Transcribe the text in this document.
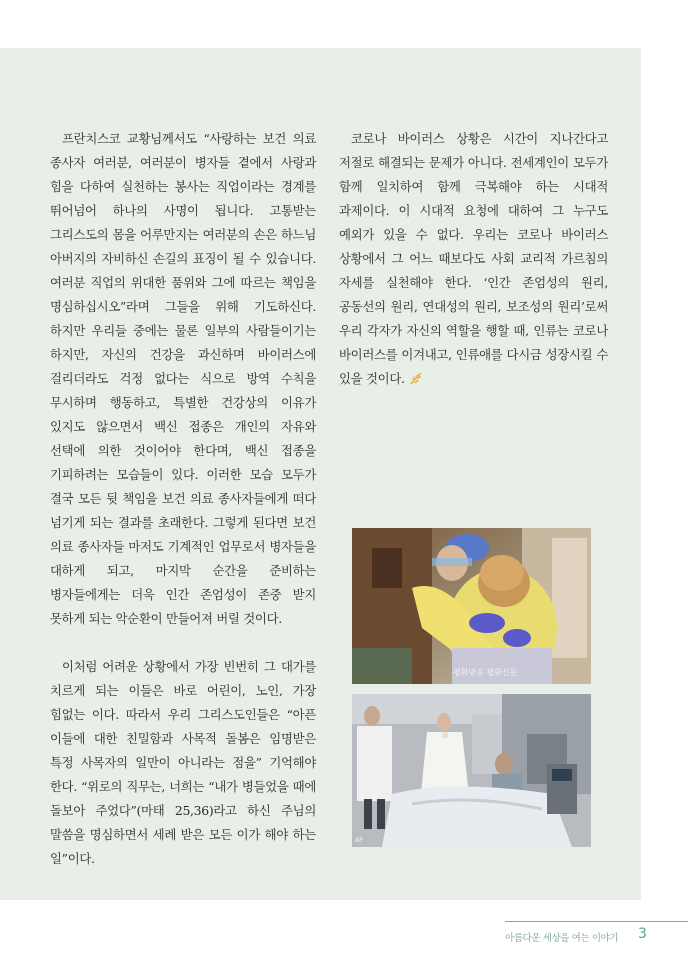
프란치스코 교황님께서도 “사랑하는 보건 의료 종사자 여러분, 여러분이 병자들 곁에서 사랑과 힘을 다하여 실천하는 봉사는 직업이라는 경계를 뛰어넘어 하나의 사명이 됩니다. 고통받는 그리스도의 몸을 어루만지는 여러분의 손은 하느님 아버지의 자비하신 손길의 표징이 될 수 있습니다. 여러분 직업의 위대한 품위와 그에 따르는 책임을 명심하십시오”라며 그들을 위해 기도하신다. 하지만 우리들 중에는 물론 일부의 사람들이기는 하지만, 자신의 건강을 과신하며 바이러스에 걸리더라도 걱정 없다는 식으로 방역 수칙을 무시하며 행동하고, 특별한 건강상의 이유가 있지도 않으면서 백신 접종은 개인의 자유와 선택에 의한 것이어야 한다며, 백신 접종을 기피하려는 모습들이 있다. 이러한 모습 모두가 결국 모든 뒷 책임을 보건 의료 종사자들에게 떠다 넘기게 되는 결과를 초래한다. 그렇게 된다면 보건 의료 종사자들 마저도 기계적인 업무로서 병자들을 대하게 되고, 마지막 순간을 준비하는 병자들에게는 더욱 인간 존엄성이 존중 받지 못하게 되는 악순환이 만들어져 버릴 것이다.

이처럼 어려운 상황에서 가장 빈번히 그 대가를 치르게 되는 이들은 바로 어린이, 노인, 가장 힘없는 이다. 따라서 우리 그리스도인들은 “아픈 이들에 대한 친밀함과 사목적 돌봄은 임명받은 특정 사목자의 일만이 아니라는 점을” 기억해야 한다. “위로의 직무는, 너희는 “내가 병들었을 때에 돌보아 주었다”(마태 25,36)라고 하신 주님의 말씀을 명심하면서 세례 받은 모든 이가 해야 하는 일”이다.

코로나 바이러스 상황은 시간이 지나간다고 저절로 해결되는 문제가 아니다. 전세계인이 모두가 함께 일치하여 함께 극복해야 하는 시대적 과제이다. 이 시대적 요청에 대하여 그 누구도 예외가 있을 수 없다. 우리는 코로나 바이러스 상황에서 그 어느 때보다도 사회 교리적 가르침의 자세를 실천해야 한다. ‘인간 존엄성의 원리, 공동선의 원리, 연대성의 원리, 보조성의 원리’로써 우리 각자가 자신의 역할을 행할 때, 인류는 코로나 바이러스를 이겨내고, 인류애를 다시금 성장시킬 수 있을 것이다.

평화방송 평화신문
AP
아름다운 세상을 여는 이야기 3
